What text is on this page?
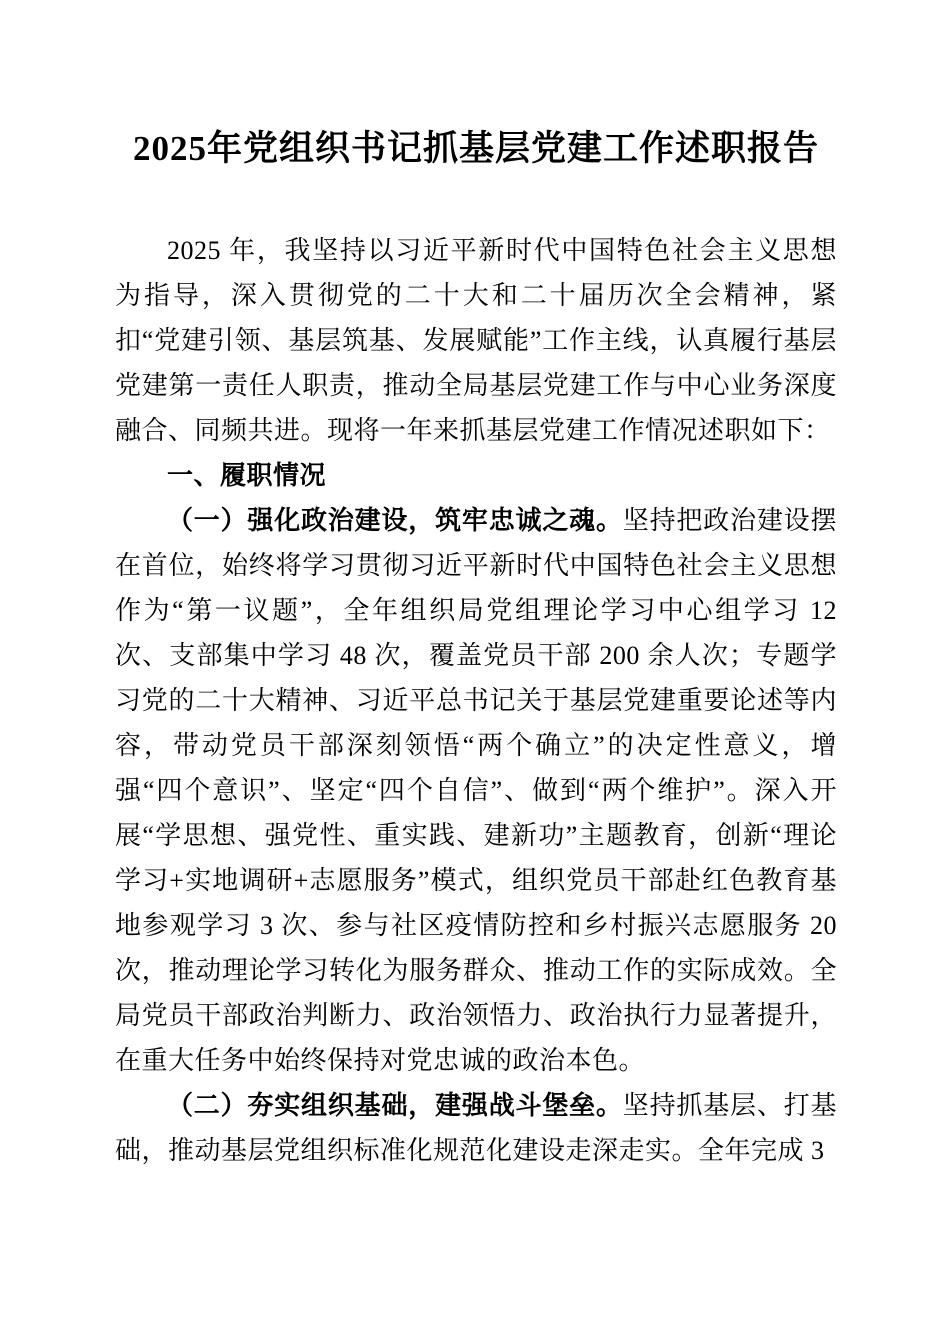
2025年党组织书记抓基层党建工作述职报告

2025 年，我坚持以习近平新时代中国特色社会主义思想为指导，深入贯彻党的二十大和二十届历次全会精神，紧扣“党建引领、基层筑基、发展赋能”工作主线，认真履行基层党建第一责任人职责，推动全局基层党建工作与中心业务深度融合、同频共进。现将一年来抓基层党建工作情况述职如下：

一、履职情况

（一）强化政治建设，筑牢忠诚之魂。坚持把政治建设摆在首位，始终将学习贯彻习近平新时代中国特色社会主义思想作为“第一议题”，全年组织局党组理论学习中心组学习 12 次、支部集中学习 48 次，覆盖党员干部 200 余人次；专题学习党的二十大精神、习近平总书记关于基层党建重要论述等内容，带动党员干部深刻领悟“两个确立”的决定性意义，增强“四个意识”、坚定“四个自信”、做到“两个维护”。深入开展“学思想、强党性、重实践、建新功”主题教育，创新“理论学习+实地调研+志愿服务”模式，组织党员干部赴红色教育基地参观学习 3 次、参与社区疫情防控和乡村振兴志愿服务 20 次，推动理论学习转化为服务群众、推动工作的实际成效。全局党员干部政治判断力、政治领悟力、政治执行力显著提升，在重大任务中始终保持对党忠诚的政治本色。

（二）夯实组织基础，建强战斗堡垒。坚持抓基层、打基础，推动基层党组织标准化规范化建设走深走实。全年完成 3
